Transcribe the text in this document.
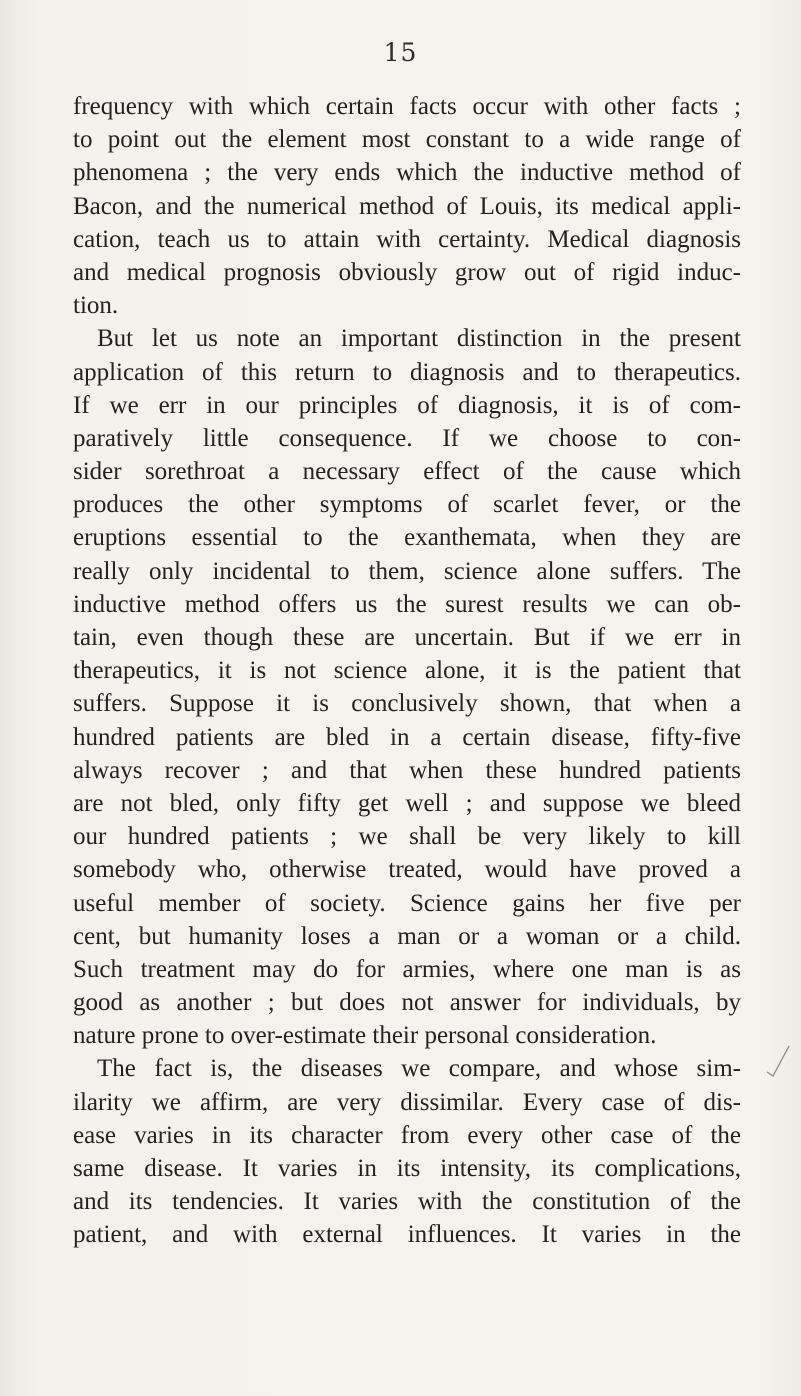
15
frequency with which certain facts occur with other facts ;
to point out the element most constant to a wide range of
phenomena ; the very ends which the inductive method of
Bacon, and the numerical method of Louis, its medical appli-
cation, teach us to attain with certainty. Medical diagnosis
and medical prognosis obviously grow out of rigid induc-
tion.
But let us note an important distinction in the present
application of this return to diagnosis and to therapeutics.
If we err in our principles of diagnosis, it is of com-
paratively little consequence. If we choose to con-
sider sorethroat a necessary effect of the cause which
produces the other symptoms of scarlet fever, or the
eruptions essential to the exanthemata, when they are
really only incidental to them, science alone suffers. The
inductive method offers us the surest results we can ob-
tain, even though these are uncertain. But if we err in
therapeutics, it is not science alone, it is the patient that
suffers. Suppose it is conclusively shown, that when a
hundred patients are bled in a certain disease, fifty-five
always recover ; and that when these hundred patients
are not bled, only fifty get well ; and suppose we bleed
our hundred patients ; we shall be very likely to kill
somebody who, otherwise treated, would have proved a
useful member of society. Science gains her five per
cent, but humanity loses a man or a woman or a child.
Such treatment may do for armies, where one man is as
good as another ; but does not answer for individuals, by
nature prone to over-estimate their personal consideration.
The fact is, the diseases we compare, and whose sim-
ilarity we affirm, are very dissimilar. Every case of dis-
ease varies in its character from every other case of the
same disease. It varies in its intensity, its complications,
and its tendencies. It varies with the constitution of the
patient, and with external influences. It varies in the
